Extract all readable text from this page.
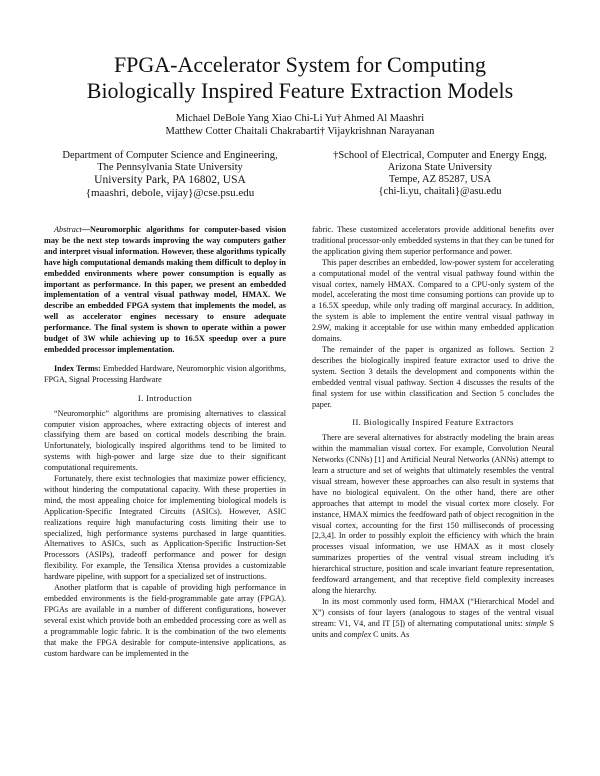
FPGA-Accelerator System for Computing
Biologically Inspired Feature Extraction Models
Michael DeBole Yang Xiao Chi-Li Yu† Ahmed Al Maashri
Matthew Cotter Chaitali Chakrabarti† Vijaykrishnan Narayanan
Department of Computer Science and Engineering,
The Pennsylvania State University
University Park, PA 16802, USA
{maashri, debole, vijay}@cse.psu.edu
†School of Electrical, Computer and Energy Engg,
Arizona State University
Tempe, AZ 85287, USA
{chi-li.yu, chaitali}@asu.edu

Abstract—Neuromorphic algorithms for computer-based vision may be the next step towards improving the way computers gather and interpret visual information. However, these algorithms typically have high computational demands making them difficult to deploy in embedded environments where power consumption is equally as important as performance. In this paper, we present an embedded implementation of a ventral visual pathway model, HMAX. We describe an embedded FPGA system that implements the model, as well as accelerator engines necessary to ensure adequate performance. The final system is shown to operate within a power budget of 3W while achieving up to 16.5X speedup over a pure embedded processor implementation.

Index Terms: Embedded Hardware, Neuromorphic vision algorithms, FPGA, Signal Processing Hardware

I. Introduction

“Neuromorphic” algorithms are promising alternatives to classical computer vision approaches, where extracting objects of interest and classifying them are based on cortical models describing the brain. Unfortunately, biologically inspired algorithms tend to be limited to systems with high-power and large size due to their significant computational requirements.

Fortunately, there exist technologies that maximize power efficiency, without hindering the computational capacity. With these properties in mind, the most appealing choice for implementing biological models is Application-Specific Integrated Circuits (ASICs). However, ASIC realizations require high manufacturing costs limiting their use to specialized, high performance systems purchased in large quantities. Alternatives to ASICs, such as Application-Specific Instruction-Set Processors (ASIPs), tradeoff performance and power for design flexibility. For example, the Tensilica Xtensa provides a customizable hardware pipeline, with support for a specialized set of instructions.

Another platform that is capable of providing high performance in embedded environments is the field-programmable gate array (FPGA). FPGAs are available in a number of different configurations, however several exist which provide both an embedded processing core as well as a programmable logic fabric. It is the combination of the two elements that make the FPGA desirable for compute-intensive applications, as custom hardware can be implemented in the

fabric. These customized accelerators provide additional benefits over traditional processor-only embedded systems in that they can be tuned for the application giving them superior performance and power.

This paper describes an embedded, low-power system for accelerating a computational model of the ventral visual pathway found within the visual cortex, namely HMAX. Compared to a CPU-only system of the model, accelerating the most time consuming portions can provide up to a 16.5X speedup, while only trading off marginal accuracy. In addition, the system is able to implement the entire ventral visual pathway in 2.9W, making it acceptable for use within many embedded application domains.

The remainder of the paper is organized as follows. Section 2 describes the biologically inspired feature extractor used to drive the system. Section 3 details the development and components within the embedded ventral visual pathway. Section 4 discusses the results of the final system for use within classification and Section 5 concludes the paper.

II. Biologically Inspired Feature Extractors

There are several alternatives for abstractly modeling the brain areas within the mammalian visual cortex. For example, Convolution Neural Networks (CNNs) [1] and Artificial Neural Networks (ANNs) attempt to learn a structure and set of weights that ultimately resembles the ventral visual stream, however these approaches can also result in systems that have no biological equivalent. On the other hand, there are other approaches that attempt to model the visual cortex more closely. For instance, HMAX mimics the feedfoward path of object recognition in the visual cortex, accounting for the first 150 milliseconds of processing [2,3,4]. In order to possibly exploit the efficiency with which the brain processes visual information, we use HMAX as it most closely summarizes properties of the ventral visual stream including it's hierarchical structure, position and scale invariant feature representation, feedfoward arrangement, and that receptive field complexity increases along the hierarchy.

In its most commonly used form, HMAX (“Hierarchical Model and X”) consists of four layers (analogous to stages of the ventral visual stream: V1, V4, and IT [5]) of alternating computational units: simple S units and complex C units. As
